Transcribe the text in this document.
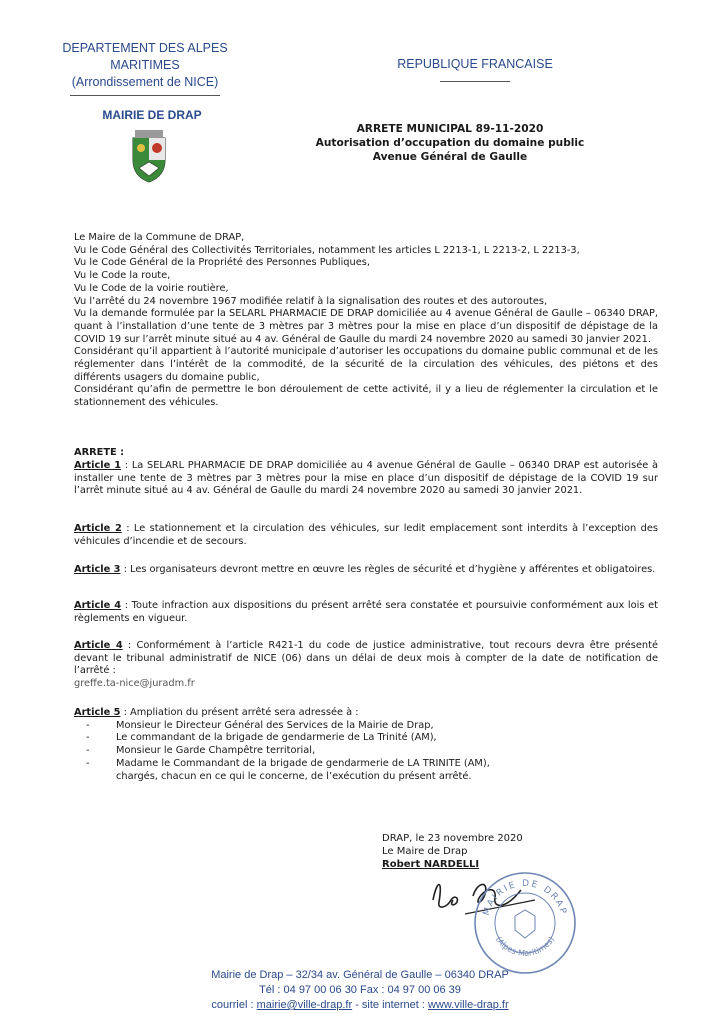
DEPARTEMENT DES ALPES MARITIMES
(Arrondissement de NICE)
REPUBLIQUE FRANCAISE
MAIRIE DE DRAP
ARRETE MUNICIPAL 89-11-2020
Autorisation d’occupation du domaine public
Avenue Général de Gaulle

Le Maire de la Commune de DRAP,

Vu le Code Général des Collectivités Territoriales, notamment les articles L 2213-1, L 2213-2, L 2213-3,

Vu le Code Général de la Propriété des Personnes Publiques,

Vu le Code la route,

Vu le Code de la voirie routière,

Vu l’arrêté du 24 novembre 1967 modifiée relatif à la signalisation des routes et des autoroutes,

Vu la demande formulée par la SELARL PHARMACIE DE DRAP domiciliée au 4 avenue Général de Gaulle – 06340 DRAP, quant à l’installation d’une tente de 3 mètres par 3 mètres pour la mise en place d’un dispositif de dépistage de la COVID 19 sur l’arrêt minute situé au 4 av. Général de Gaulle du mardi 24 novembre 2020 au samedi 30 janvier 2021.

Considérant qu’il appartient à l’autorité municipale d’autoriser les occupations du domaine public communal et de les réglementer dans l’intérêt de la commodité, de la sécurité de la circulation des véhicules, des piétons et des différents usagers du domaine public,

Considérant qu’afin de permettre le bon déroulement de cette activité, il y a lieu de réglementer la circulation et le stationnement des véhicules.

ARRETE :
Article 1 : La SELARL PHARMACIE DE DRAP domiciliée au 4 avenue Général de Gaulle – 06340 DRAP est autorisée à installer une tente de 3 mètres par 3 mètres pour la mise en place d’un dispositif de dépistage de la COVID 19 sur l’arrêt minute situé au 4 av. Général de Gaulle du mardi 24 novembre 2020 au samedi 30 janvier 2021.
Article 2 : Le stationnement et la circulation des véhicules, sur ledit emplacement sont interdits à l’exception des véhicules d’incendie et de secours.
Article 3 : Les organisateurs devront mettre en œuvre les règles de sécurité et d’hygiène y afférentes et obligatoires.
Article 4 : Toute infraction aux dispositions du présent arrêté sera constatée et poursuivie conformément aux lois et règlements en vigueur.
Article 4 : Conformément à l’article R421-1 du code de justice administrative, tout recours devra être présenté devant le tribunal administratif de NICE (06) dans un délai de deux mois à compter de la date de notification de l’arrêté :
greffe.ta-nice@juradm.fr
Article 5 : Ampliation du présent arrêté sera adressée à :
- Monsieur le Directeur Général des Services de la Mairie de Drap,
- Le commandant de la brigade de gendarmerie de La Trinité (AM),
- Monsieur le Garde Champêtre territorial,
- Madame le Commandant de la brigade de gendarmerie de LA TRINITE (AM),
chargés, chacun en ce qui le concerne, de l’exécution du présent arrêté.
DRAP, le 23 novembre 2020
Le Maire de Drap
Robert NARDELLI
MAIRIE DE DRAP
(Alpes-Maritimes)
Mairie de Drap – 32/34 av. Général de Gaulle – 06340 DRAP
Tél : 04 97 00 06 30 Fax : 04 97 00 06 39
courriel : mairie@ville-drap.fr - site internet : www.ville-drap.fr
